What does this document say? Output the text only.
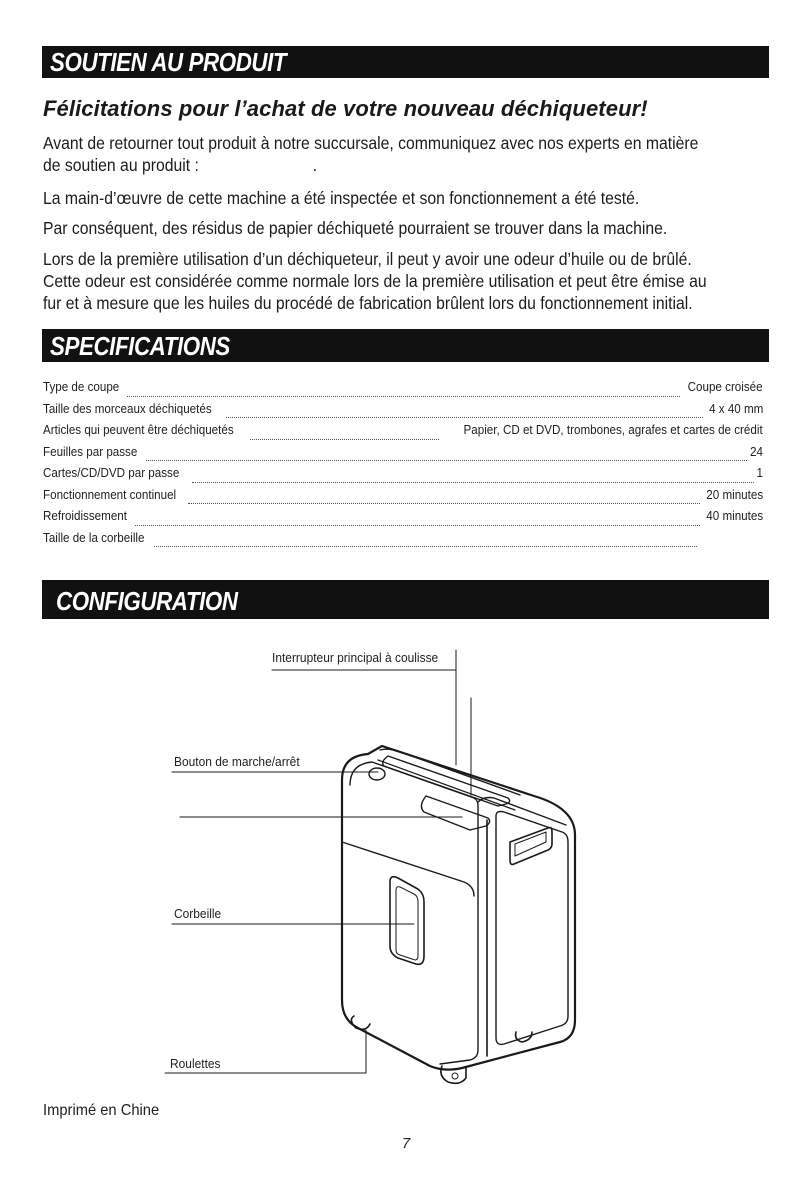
SOUTIEN AU PRODUIT
Félicitations pour l’achat de votre nouveau déchiqueteur!
Avant de retourner tout produit à notre succursale, communiquez avec nos experts en matière
de soutien au produit :                          .
La main-d’œuvre de cette machine a été inspectée et son fonctionnement a été testé.
Par conséquent, des résidus de papier déchiqueté pourraient se trouver dans la machine.
Lors de la première utilisation d’un déchiqueteur, il peut y avoir une odeur d’huile ou de brûlé.
Cette odeur est considérée comme normale lors de la première utilisation et peut être émise au
fur et à mesure que les huiles du procédé de fabrication brûlent lors du fonctionnement initial.
SPECIFICATIONS
Type de coupe	Coupe croisée
Taille des morceaux déchiquetés	4 x 40 mm
Articles qui peuvent être déchiquetés	Papier, CD et DVD, trombones, agrafes et cartes de crédit
Feuilles par passe	24
Cartes/CD/DVD par passe	1
Fonctionnement continuel	20 minutes
Refroidissement	40 minutes
Taille de la corbeille
CONFIGURATION
Interrupteur principal à coulisse
Bouton de marche/arrêt
Corbeille
Roulettes
Imprimé en Chine
7
